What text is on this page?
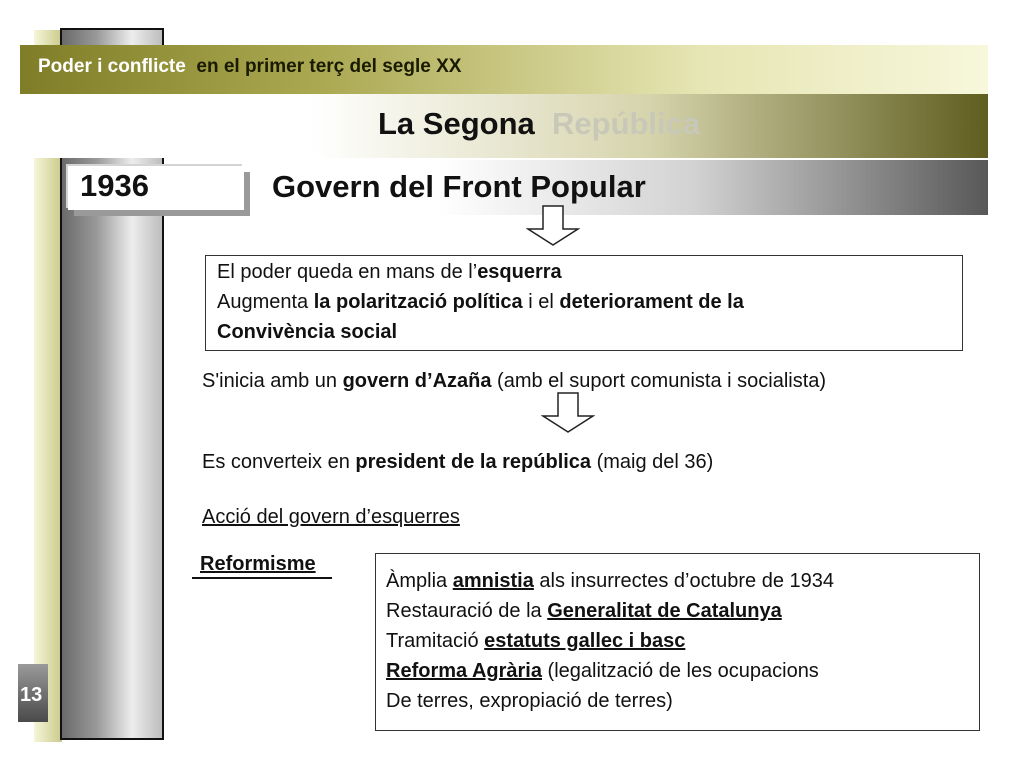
Poder i conflicte en el primer terç del segle XX
La Segona República
1936	Govern del Front Popular
El poder queda en mans de l’esquerra
Augmenta la polarització política i el deteriorament de la
Convivència social
S'inicia amb un govern d’Azaña (amb el suport comunista i socialista)
Es converteix en president de la república (maig del 36)
Acció del govern d’esquerres
Reformisme
Àmplia amnistia als insurrectes d’octubre de 1934
Restauració de la Generalitat de Catalunya
Tramitació estatuts gallec i basc
Reforma Agrària (legalització de les ocupacions
De terres, expropiació de terres)
13
